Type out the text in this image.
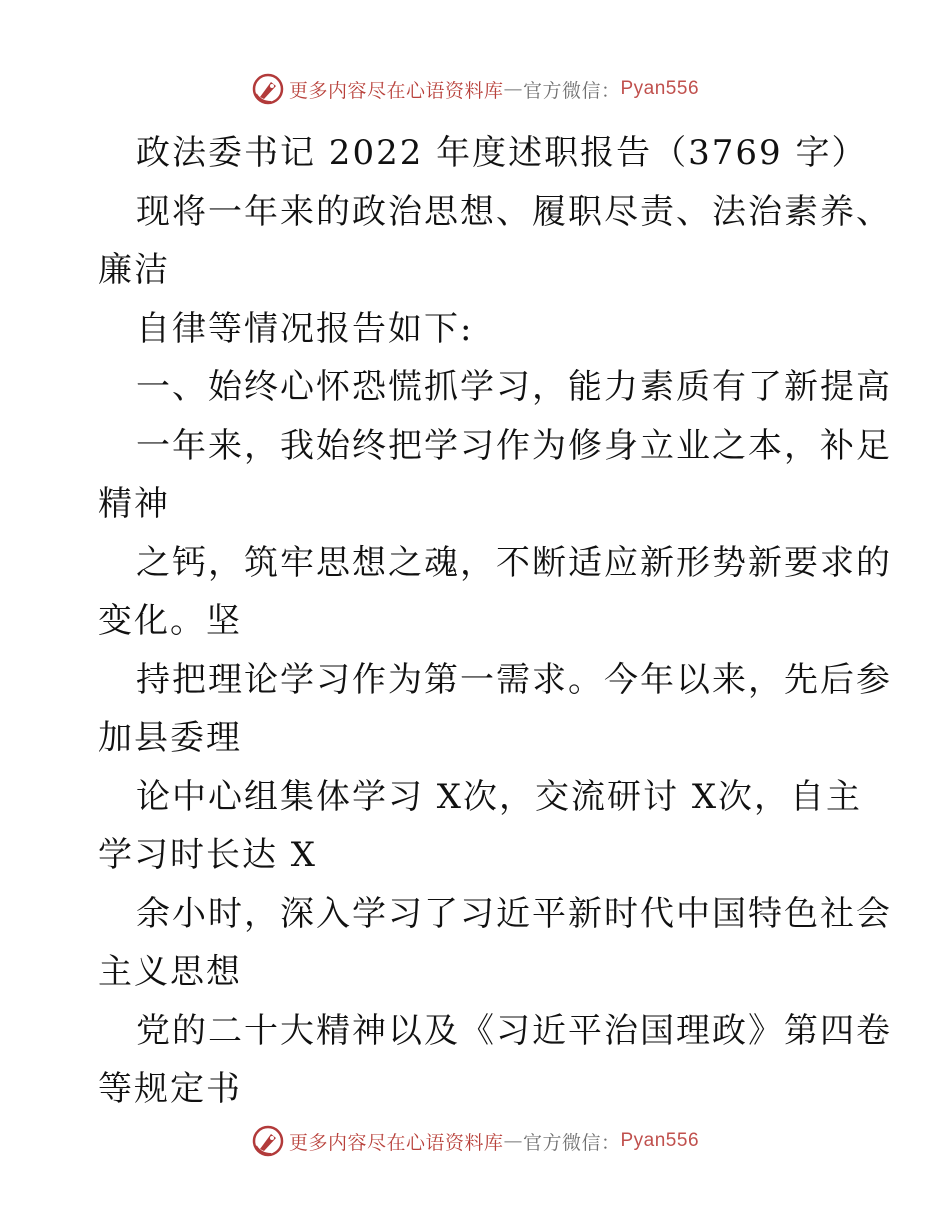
更多内容尽在心语资料库 — 官方微信： Pyan556
政法委书记 2022 年度述职报告（3769 字）
现将一年来的政治思想、履职尽责、法治素养、
廉洁
自律等情况报告如下:
一、始终心怀恐慌抓学习，能力素质有了新提高
一年来，我始终把学习作为修身立业之本，补足
精神
之钙，筑牢思想之魂，不断适应新形势新要求的
变化。坚
持把理论学习作为第一需求。今年以来，先后参
加县委理
论中心组集体学习 X次，交流研讨 X次，自主
学习时长达 X
余小时，深入学习了习近平新时代中国特色社会
主义思想
党的二十大精神以及《习近平治国理政》第四卷
等规定书
更多内容尽在心语资料库 — 官方微信： Pyan556
